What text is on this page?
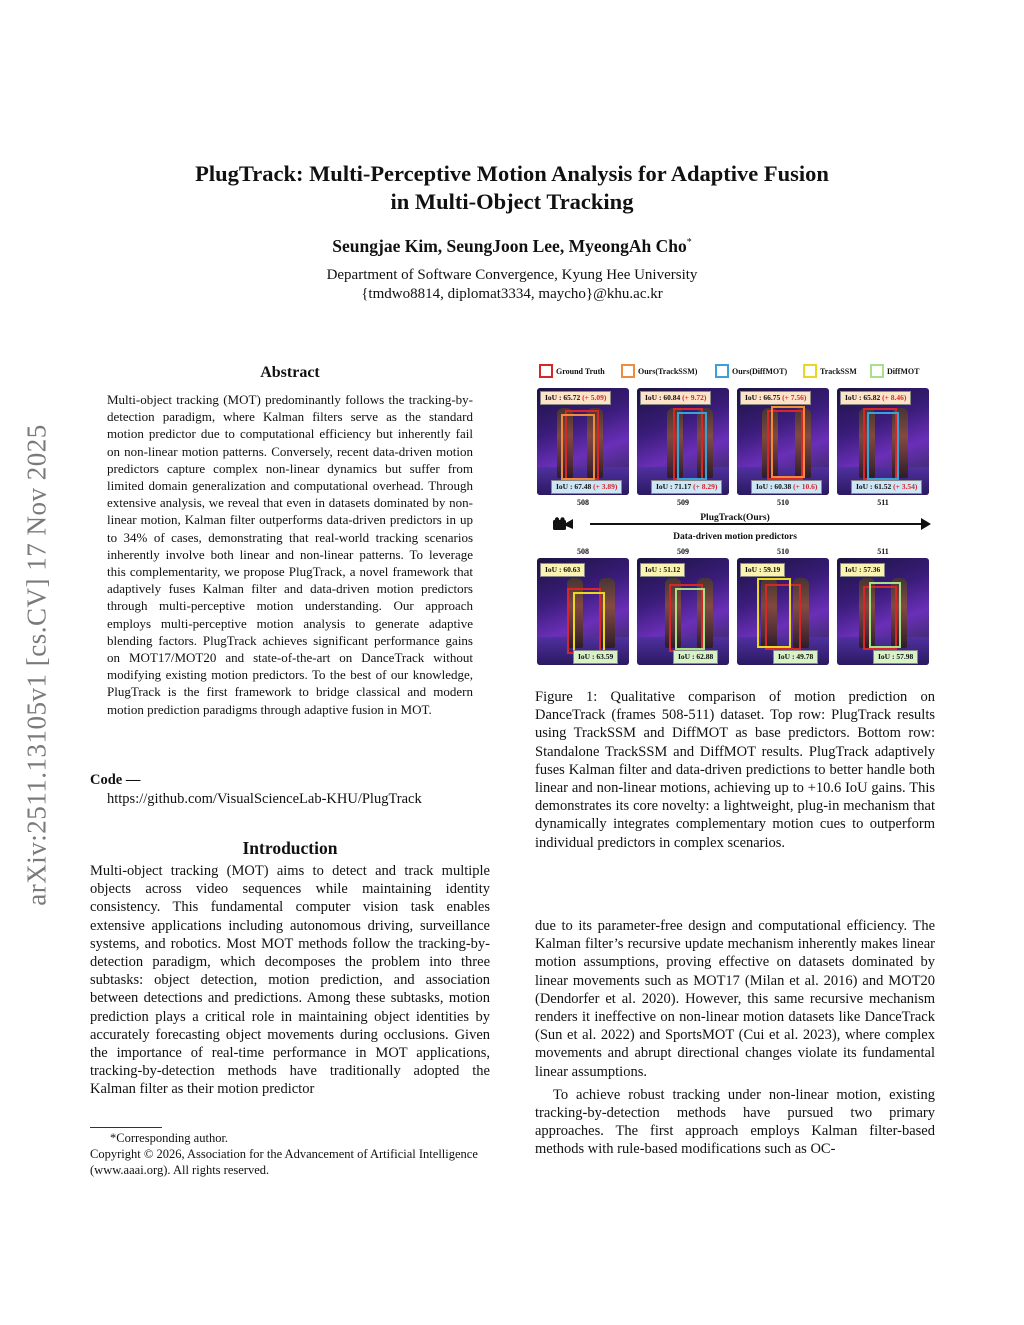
arXiv:2511.13105v1 [cs.CV] 17 Nov 2025
PlugTrack: Multi-Perceptive Motion Analysis for Adaptive Fusion
in Multi-Object Tracking
Seungjae Kim, SeungJoon Lee, MyeongAh Cho*
Department of Software Convergence, Kyung Hee University
{tmdwo8814, diplomat3334, maycho}@khu.ac.kr
Abstract
Multi-object tracking (MOT) predominantly follows the tracking-by-detection paradigm, where Kalman filters serve as the standard motion predictor due to computational efficiency but inherently fail on non-linear motion patterns. Conversely, recent data-driven motion predictors capture complex non-linear dynamics but suffer from limited domain generalization and computational overhead. Through extensive analysis, we reveal that even in datasets dominated by non-linear motion, Kalman filter outperforms data-driven predictors in up to 34% of cases, demonstrating that real-world tracking scenarios inherently involve both linear and non-linear patterns. To leverage this complementarity, we propose PlugTrack, a novel framework that adaptively fuses Kalman filter and data-driven motion predictors through multi-perceptive motion understanding. Our approach employs multi-perceptive motion analysis to generate adaptive blending factors. PlugTrack achieves significant performance gains on MOT17/MOT20 and state-of-the-art on DanceTrack without modifying existing motion predictors. To the best of our knowledge, PlugTrack is the first framework to bridge classical and modern motion prediction paradigms through adaptive fusion in MOT.
Code —
https://github.com/VisualScienceLab-KHU/PlugTrack
Introduction
Multi-object tracking (MOT) aims to detect and track multiple objects across video sequences while maintaining identity consistency. This fundamental computer vision task enables extensive applications including autonomous driving, surveillance systems, and robotics. Most MOT methods follow the tracking-by-detection paradigm, which decomposes the problem into three subtasks: object detection, motion prediction, and association between detections and predictions. Among these subtasks, motion prediction plays a critical role in maintaining object identities by accurately forecasting object movements during occlusions. Given the importance of real-time performance in MOT applications, tracking-by-detection methods have traditionally adopted the Kalman filter as their motion predictor
*Corresponding author.
Copyright © 2026, Association for the Advancement of Artificial Intelligence (www.aaai.org). All rights reserved.
Ground Truth	Ours(TrackSSM)	Ours(DiffMOT)	TrackSSM	DiffMOT
IoU : 65.72 (+ 5.09)
IoU : 67.48 (+ 3.89)
IoU : 60.84 (+ 9.72)
IoU : 71.17 (+ 8.29)
IoU : 66.75 (+ 7.56)
IoU : 60.38 (+ 10.6)
IoU : 65.82 (+ 8.46)
IoU : 61.52 (+ 3.54)
508	509	510	511
PlugTrack(Ours)
Data-driven motion predictors
508	509	510	511
IoU : 60.63
IoU : 63.59
IoU : 51.12
IoU : 62.88
IoU : 59.19
IoU : 49.78
IoU : 57.36
IoU : 57.98
Figure 1: Qualitative comparison of motion prediction on DanceTrack (frames 508-511) dataset. Top row: PlugTrack results using TrackSSM and DiffMOT as base predictors. Bottom row: Standalone TrackSSM and DiffMOT results. PlugTrack adaptively fuses Kalman filter and data-driven predictions to better handle both linear and non-linear motions, achieving up to +10.6 IoU gains. This demonstrates its core novelty: a lightweight, plug-in mechanism that dynamically integrates complementary motion cues to outperform individual predictors in complex scenarios.

due to its parameter-free design and computational efficiency. The Kalman filter’s recursive update mechanism inherently makes linear motion assumptions, proving effective on datasets dominated by linear movements such as MOT17 (Milan et al. 2016) and MOT20 (Dendorfer et al. 2020). However, this same recursive mechanism renders it ineffective on non-linear motion datasets like DanceTrack (Sun et al. 2022) and SportsMOT (Cui et al. 2023), where complex movements and abrupt directional changes violate its fundamental linear assumptions.

To achieve robust tracking under non-linear motion, existing tracking-by-detection methods have pursued two primary approaches. The first approach employs Kalman filter-based methods with rule-based modifications such as OC-
